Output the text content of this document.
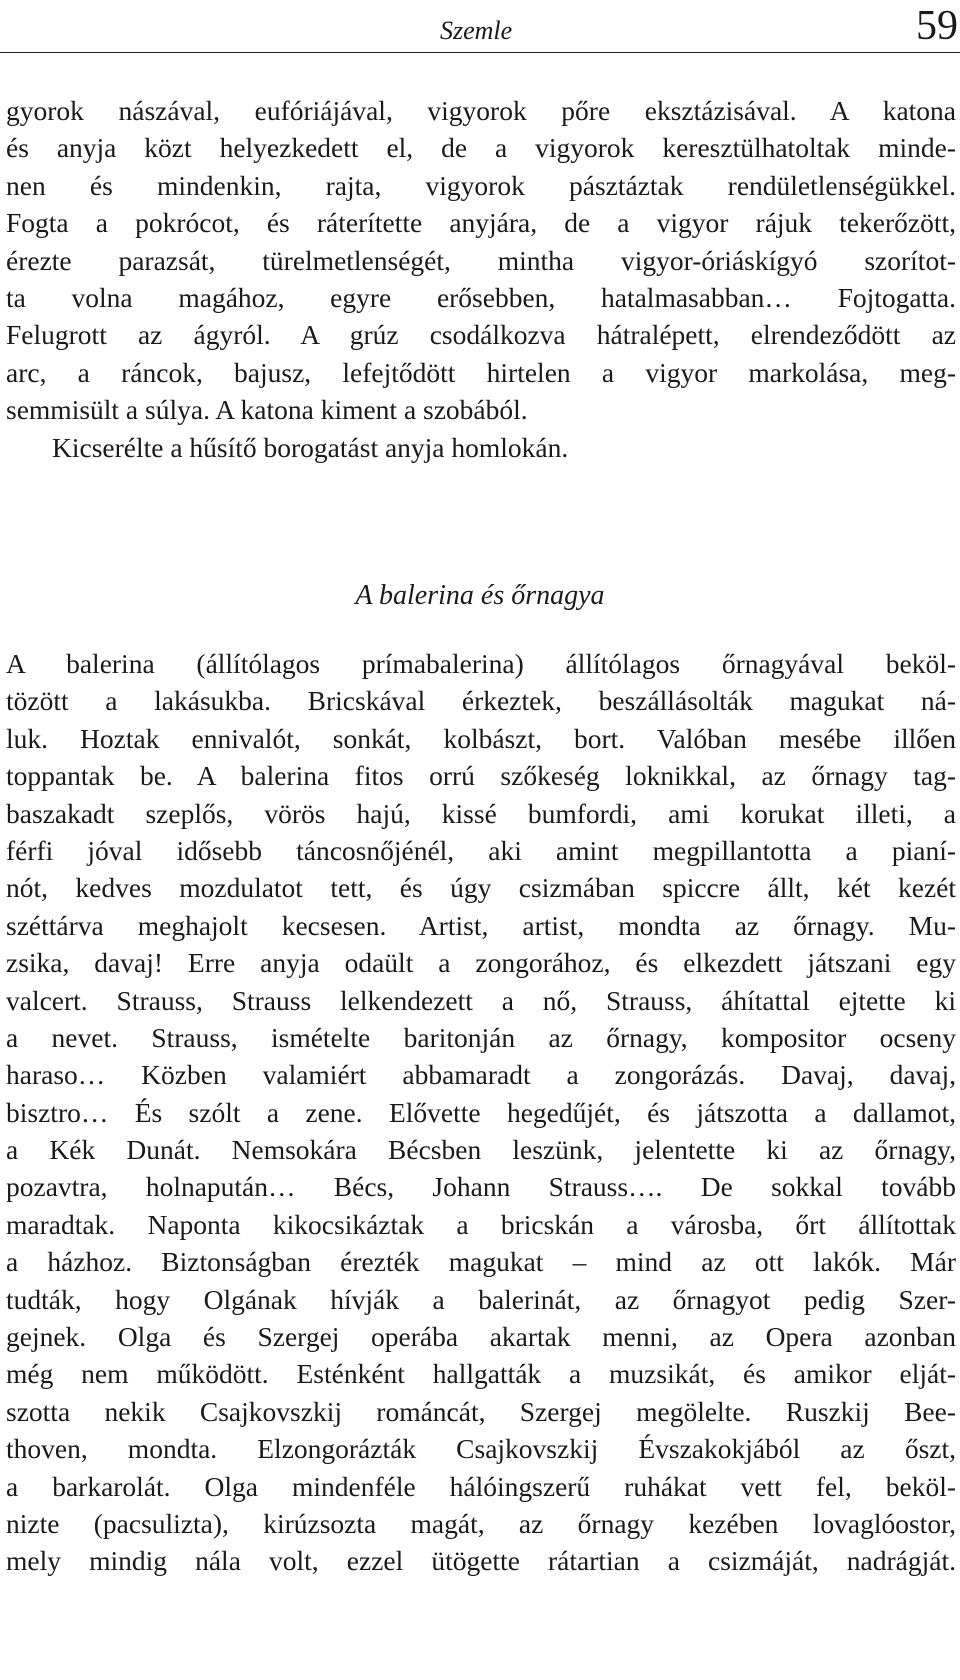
Szemle	59
gyorok nászával, eufóriájával, vigyorok pőre eksztázisával. A katona
és anyja közt helyezkedett el, de a vigyorok keresztülhatoltak minde-
nen és mindenkin, rajta, vigyorok pásztáztak rendületlenségükkel.
Fogta a pokrócot, és ráterítette anyjára, de a vigyor rájuk tekerőzött,
érezte parazsát, türelmetlenségét, mintha vigyor-óriáskígyó szorítot-
ta volna magához, egyre erősebben, hatalmasabban… Fojtogatta.
Felugrott az ágyról. A grúz csodálkozva hátralépett, elrendeződött az
arc, a ráncok, bajusz, lefejtődött hirtelen a vigyor markolása, meg-
semmisült a súlya. A katona kiment a szobából.
Kicserélte a hűsítő borogatást anyja homlokán.
A balerina és őrnagya
A balerina (állítólagos prímabalerina) állítólagos őrnagyával beköl-
tözött a lakásukba. Bricskával érkeztek, beszállásolták magukat ná-
luk. Hoztak ennivalót, sonkát, kolbászt, bort. Valóban mesébe illően
toppantak be. A balerina fitos orrú szőkeség loknikkal, az őrnagy tag-
baszakadt szeplős, vörös hajú, kissé bumfordi, ami korukat illeti, a
férfi jóval idősebb táncosnőjénél, aki amint megpillantotta a pianí-
nót, kedves mozdulatot tett, és úgy csizmában spiccre állt, két kezét
széttárva meghajolt kecsesen. Artist, artist, mondta az őrnagy. Mu-
zsika, davaj! Erre anyja odaült a zongorához, és elkezdett játszani egy
valcert. Strauss, Strauss lelkendezett a nő, Strauss, áhítattal ejtette ki
a nevet. Strauss, ismételte baritonján az őrnagy, kompositor ocseny
haraso… Közben valamiért abbamaradt a zongorázás. Davaj, davaj,
bisztro… És szólt a zene. Elővette hegedűjét, és játszotta a dallamot,
a Kék Dunát. Nemsokára Bécsben leszünk, jelentette ki az őrnagy,
pozavtra, holnapután… Bécs, Johann Strauss…. De sokkal tovább
maradtak. Naponta kikocsikáztak a bricskán a városba, őrt állítottak
a házhoz. Biztonságban érezték magukat – mind az ott lakók. Már
tudták, hogy Olgának hívják a balerinát, az őrnagyot pedig Szer-
gejnek. Olga és Szergej operába akartak menni, az Opera azonban
még nem működött. Esténként hallgatták a muzsikát, és amikor elját-
szotta nekik Csajkovszkij románcát, Szergej megölelte. Ruszkij Bee-
thoven, mondta. Elzongorázták Csajkovszkij Évszakokjából az őszt,
a barkarolát. Olga mindenféle hálóingszerű ruhákat vett fel, beköl-
nizte (pacsulizta), kirúzsozta magát, az őrnagy kezében lovaglóostor,
mely mindig nála volt, ezzel ütögette rátartian a csizmáját, nadrágját.
